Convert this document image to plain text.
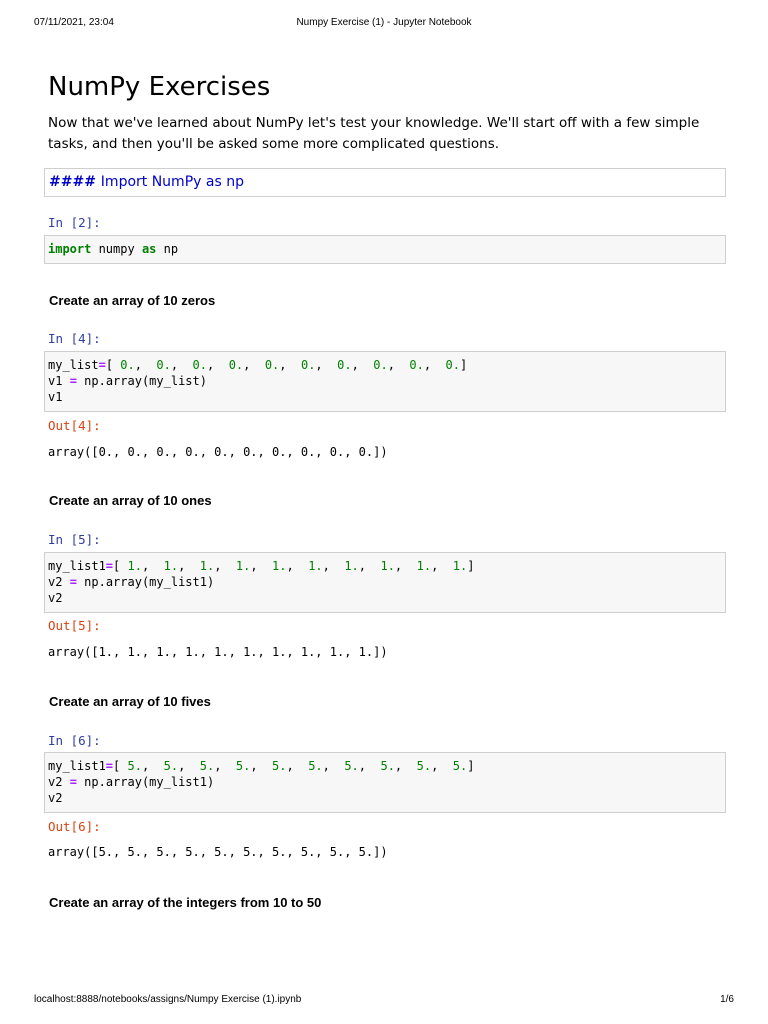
07/11/2021, 23:04	Numpy Exercise (1) - Jupyter Notebook
NumPy Exercises

Now that we've learned about NumPy let's test your knowledge. We'll start off with a few simple tasks, and then you'll be asked some more complicated questions.

#### Import NumPy as np
In [2]:
import numpy as np
Create an array of 10 zeros
In [4]:
my_list=[ 0.,  0.,  0.,  0.,  0.,  0.,  0.,  0.,  0.,  0.]
v1 = np.array(my_list)
v1
Out[4]:
array([0., 0., 0., 0., 0., 0., 0., 0., 0., 0.])
Create an array of 10 ones
In [5]:
my_list1=[ 1.,  1.,  1.,  1.,  1.,  1.,  1.,  1.,  1.,  1.]
v2 = np.array(my_list1)
v2
Out[5]:
array([1., 1., 1., 1., 1., 1., 1., 1., 1., 1.])
Create an array of 10 fives
In [6]:
my_list1=[ 5.,  5.,  5.,  5.,  5.,  5.,  5.,  5.,  5.,  5.]
v2 = np.array(my_list1)
v2
Out[6]:
array([5., 5., 5., 5., 5., 5., 5., 5., 5., 5.])
Create an array of the integers from 10 to 50
localhost:8888/notebooks/assigns/Numpy Exercise (1).ipynb	1/6
